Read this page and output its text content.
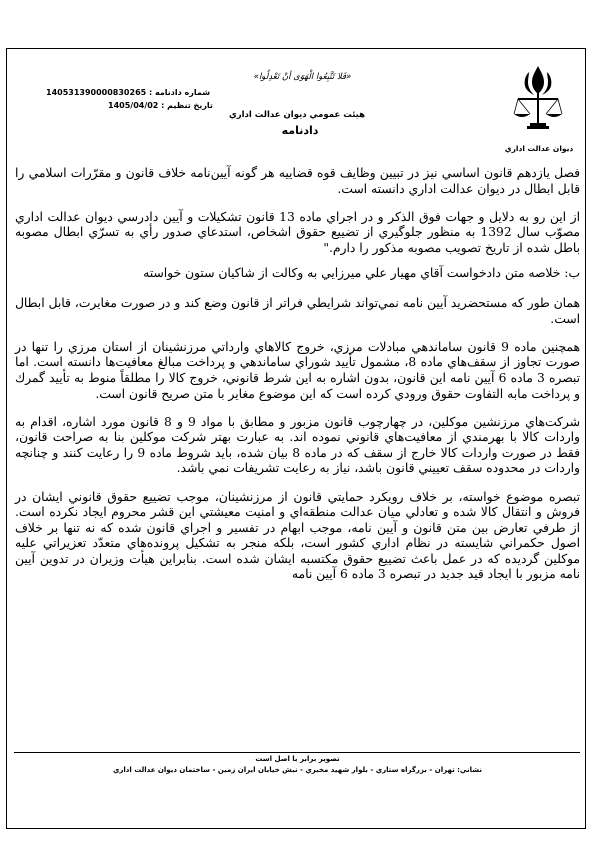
«فَلا تَتَّبِعُوا الْهَوَى أنْ تَعْدِلُوا»
ديوان عدالت اداري
شماره دادنامه : 140531390000830265
تاريخ تنظيم : 1405/04/02
هيئت عمومي ديوان عدالت اداري
دادنامه

فصل يازدهم قانون اساسي نيز در تبيين وظايف قوه قضاييه هر گونه آيين‌نامه خلاف قانون و مقرّرات اسلامي را قابل ابطال در ديوان عدالت اداري دانسته است.

از اين رو به دلايل و جهات فوق الذكر و در اجراي ماده 13 قانون تشكيلات و آيين دادرسي ديوان عدالت اداري مصوّب سال 1392 به منظور جلوگيري از تضييع حقوق اشخاص، استدعاي صدور رأي به تسرّي ابطال مصوبه باطل شده از تاريخ تصويب مصوبه مذكور را دارم."

ب: خلاصه متن دادخواست آقاي مهيار علي ميرزايي به وكالت از شاكيان ستون خواسته

همان طور كه مستحضريد آيين نامه نمي‌تواند شرايطي فراتر از قانون وضع كند و در صورت مغايرت، قابل ابطال است.

همچنين ماده 9 قانون ساماندهي مبادلات مرزي، خروج كالاهاي وارداتي مرزنشينان از استان مرزي را تنها در صورت تجاوز از سقف‌هاي ماده 8، مشمول تأييد شوراي ساماندهي و پرداخت مبالغ معافيت‌ها دانسته است. اما تبصره 3 ماده 6 آيين نامه اين قانون، بدون اشاره به اين شرط قانوني، خروج كالا را مطلقاً منوط به تأييد گمرك و پرداخت مابه التفاوت حقوق ورودي كرده است كه اين موضوع مغاير با متن صريح قانون است.

شركت‌هاي مرزنشين موكلين، در چهارچوب قانون مزبور و مطابق با مواد 9 و 8 قانون مورد اشاره، اقدام به واردات كالا با بهرمندي از معافيت‌هاي قانوني نموده اند. به عبارت بهتر شركت موكلين بنا به صراحت قانون، فقط در صورت واردات كالا خارج از سقف كه در ماده 8 بيان شده، بايد شروط ماده 9 را رعايت كنند و چنانچه واردات در محدوده سقف تعييني قانون باشد، نياز به رعايت تشريفات نمي باشد.

تبصره موضوع خواسته، بر خلاف رويكرد حمايتي قانون از مرزنشينان، موجب تضييع حقوق قانوني ايشان در فروش و انتقال كالا شده و تعادلي ميان عدالت منطقه‌اي و امنيت معيشتي اين قشر محروم ايجاد نكرده است. از طرفي تعارض بين متن قانون و آيين نامه، موجب ابهام در تفسير و اجراي قانون شده كه نه تنها بر خلاف اصول حكمراني شايسته در نظام اداري كشور است، بلكه منجر به تشكيل پرونده‌هاي متعدّد تعزيراتي عليه موكلين گرديده كه در عمل باعث تضييع حقوق مكتسبه ايشان شده است. بنابراين هيأت وزيران در تدوين آيين نامه مزبور با ايجاد قيد جديد در تبصره 3 ماده 6 آيين نامه

تصوير برابر با اصل است
نشاني: تهران - بزرگراه ستاري - بلوار شهيد مخبري - نبش خيابان ايران زمين - ساختمان ديوان عدالت اداري
